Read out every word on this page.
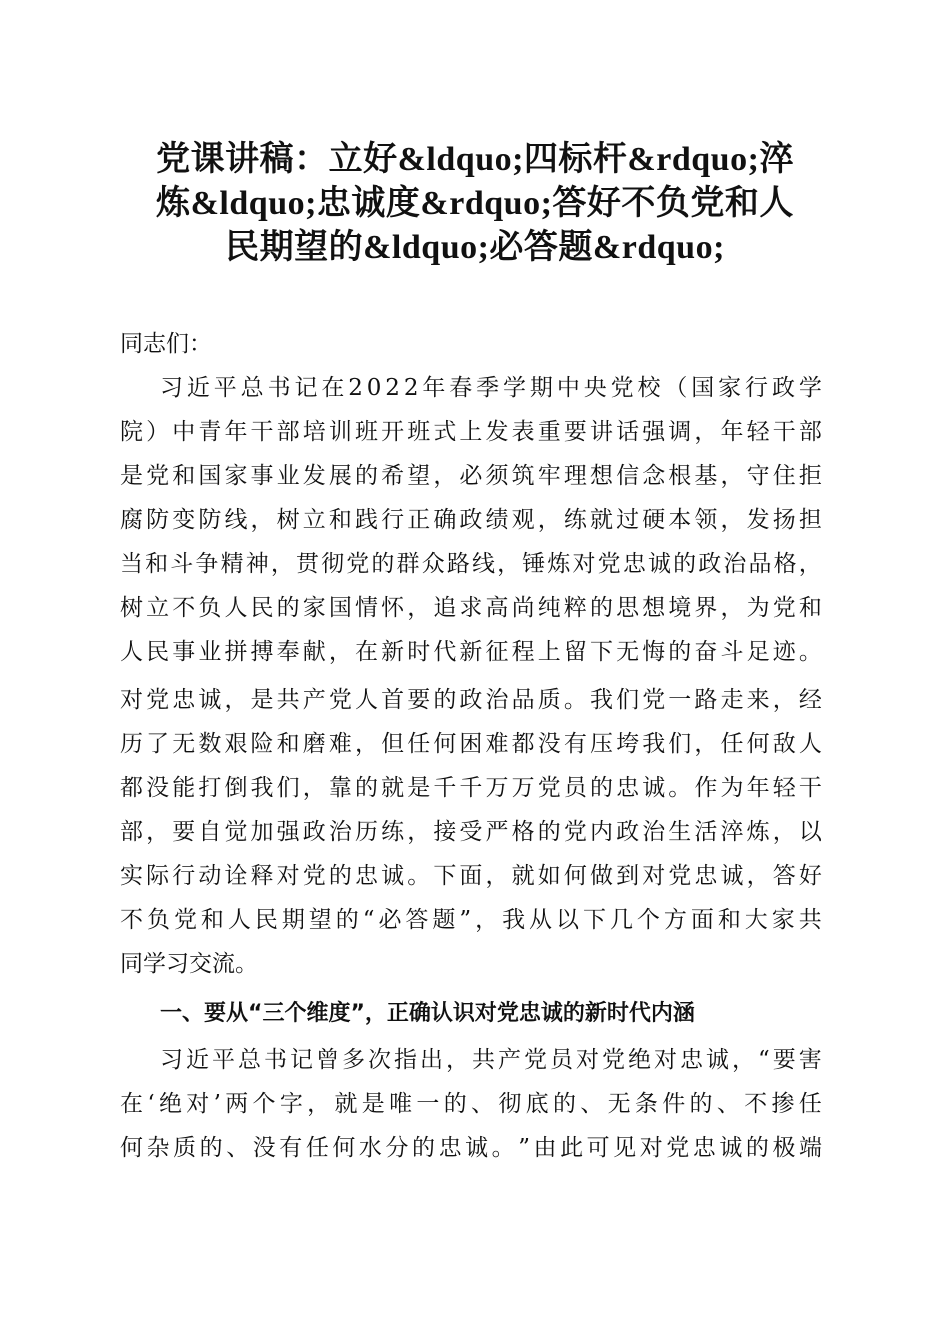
党课讲稿：立好&ldquo;四标杆&rdquo;淬
炼&ldquo;忠诚度&rdquo;答好不负党和人
民期望的&ldquo;必答题&rdquo;
同志们：
习 近 平 总 书 记 在 2 0 2 2 年 春 季 学 期 中 央 党 校 （ 国 家 行 政 学
院 ） 中 青 年 干 部 培 训 班 开 班 式 上 发 表 重 要 讲 话 强 调 ， 年 轻 干 部
是 党 和 国 家 事 业 发 展 的 希 望 ， 必 须 筑 牢 理 想 信 念 根 基 ， 守 住 拒
腐 防 变 防 线 ， 树 立 和 践 行 正 确 政 绩 观 ， 练 就 过 硬 本 领 ， 发 扬 担
当 和 斗 争 精 神 ， 贯 彻 党 的 群 众 路 线 ， 锤 炼 对 党 忠 诚 的 政 治 品 格 ，
树 立 不 负 人 民 的 家 国 情 怀 ， 追 求 高 尚 纯 粹 的 思 想 境 界 ， 为 党 和
人 民 事 业 拼 搏 奉 献 ， 在 新 时 代 新 征 程 上 留 下 无 悔 的 奋 斗 足 迹 。
对 党 忠 诚 ， 是 共 产 党 人 首 要 的 政 治 品 质 。 我 们 党 一 路 走 来 ， 经
历 了 无 数 艰 险 和 磨 难 ， 但 任 何 困 难 都 没 有 压 垮 我 们 ， 任 何 敌 人
都 没 能 打 倒 我 们 ， 靠 的 就 是 千 千 万 万 党 员 的 忠 诚 。 作 为 年 轻 干
部 ， 要 自 觉 加 强 政 治 历 练 ， 接 受 严 格 的 党 内 政 治 生 活 淬 炼 ， 以
实 际 行 动 诠 释 对 党 的 忠 诚 。 下 面 ， 就 如 何 做 到 对 党 忠 诚 ， 答 好
不 负 党 和 人 民 期 望 的 “ 必 答 题 ” ， 我 从 以 下 几 个 方 面 和 大 家 共
同学习交流。
一、要从“三个维度”，正确认识对党忠诚的新时代内涵
习 近 平 总 书 记 曾 多 次 指 出 ， 共 产 党 员 对 党 绝 对 忠 诚 ， “ 要 害
在 ‘ 绝 对 ’ 两 个 字 ， 就 是 唯 一 的 、 彻 底 的 、 无 条 件 的 、 不 掺 任
何 杂 质 的 、 没 有 任 何 水 分 的 忠 诚 。 ” 由 此 可 见 对 党 忠 诚 的 极 端
